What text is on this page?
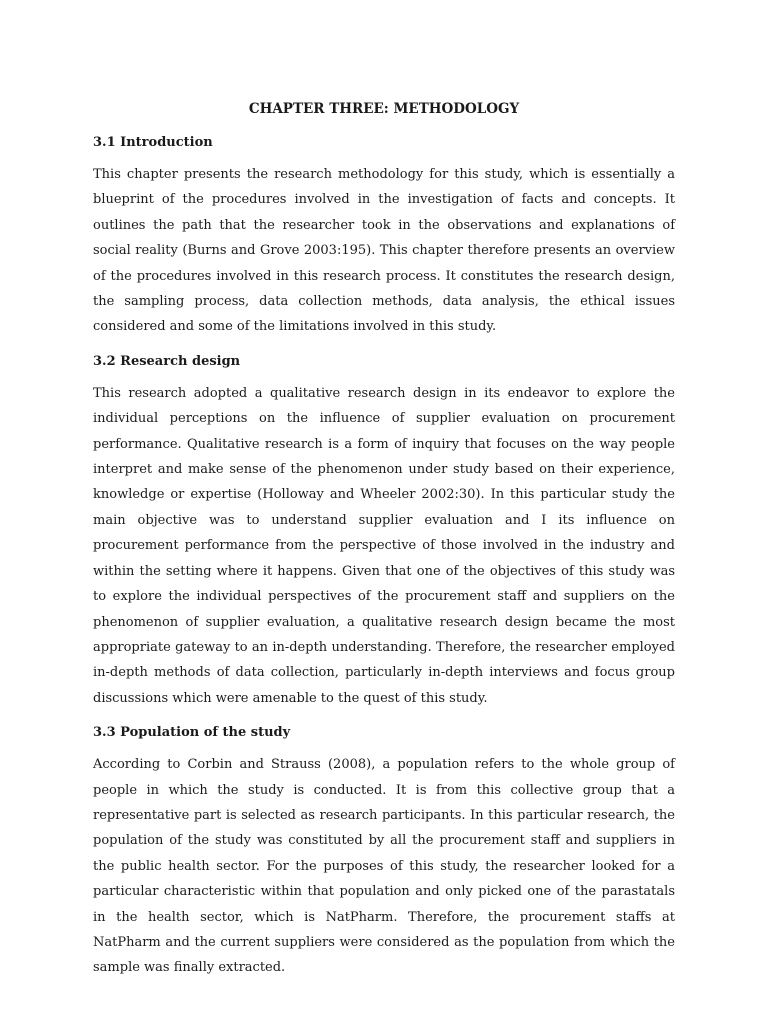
CHAPTER THREE: METHODOLOGY
3.1 Introduction

This chapter presents the research methodology for this study, which is essentially a blueprint of the procedures involved in the investigation of facts and concepts. It outlines the path that the researcher took in the observations and explanations of social reality (Burns and Grove 2003:195). This chapter therefore presents an overview of the procedures involved in this research process. It constitutes the research design, the sampling process, data collection methods, data analysis, the ethical issues considered and some of the limitations involved in this study.

3.2 Research design

This research adopted a qualitative research design in its endeavor to explore the individual perceptions on the influence of supplier evaluation on procurement performance. Qualitative research is a form of inquiry that focuses on the way people interpret and make sense of the phenomenon under study based on their experience, knowledge or expertise (Holloway and Wheeler 2002:30). In this particular study the main objective was to understand supplier evaluation and I its influence on procurement performance from the perspective of those involved in the industry and within the setting where it happens. Given that one of the objectives of this study was to explore the individual perspectives of the procurement staff and suppliers on the phenomenon of supplier evaluation, a qualitative research design became the most appropriate gateway to an in-depth understanding. Therefore, the researcher employed in-depth methods of data collection, particularly in-depth interviews and focus group discussions which were amenable to the quest of this study.

3.3 Population of the study

According to Corbin and Strauss (2008), a population refers to the whole group of people in which the study is conducted. It is from this collective group that a representative part is selected as research participants. In this particular research, the population of the study was constituted by all the procurement staff and suppliers in the public health sector. For the purposes of this study, the researcher looked for a particular characteristic within that population and only picked one of the parastatals in the health sector, which is NatPharm. Therefore, the procurement staffs at NatPharm and the current suppliers were considered as the population from which the sample was finally extracted.
